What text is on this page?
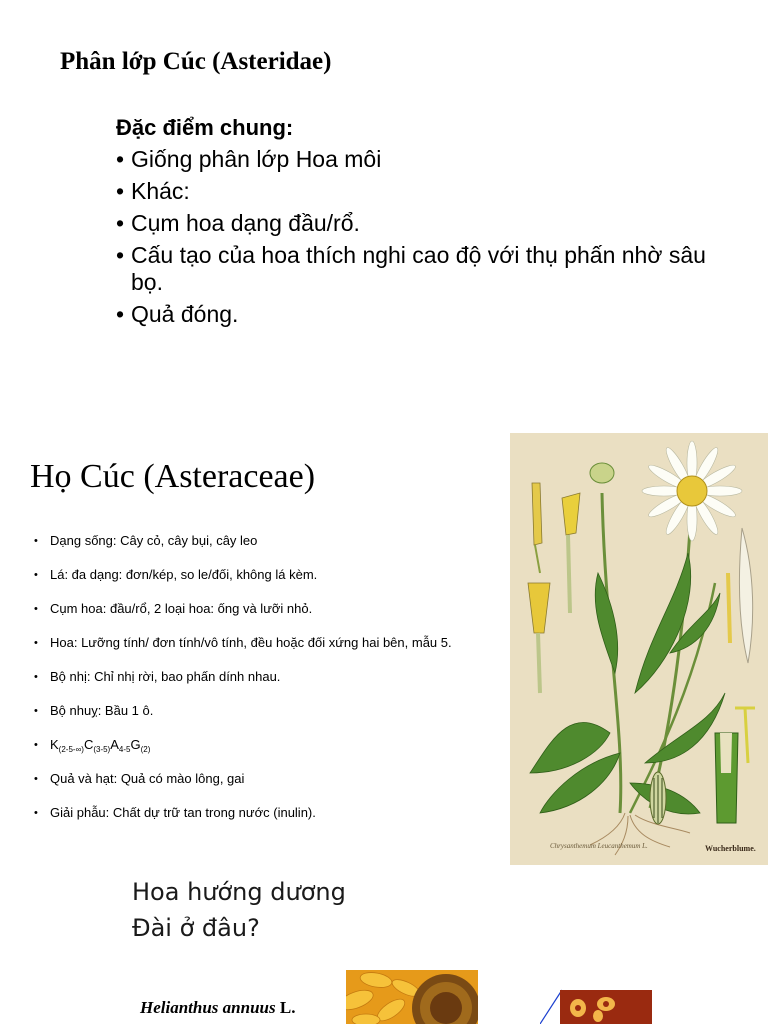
Phân lớp Cúc (Asteridae)
Đặc điểm chung:
• Giống phân lớp Hoa môi
• Khác:
• Cụm hoa dạng đầu/rổ.
• Cấu tạo của hoa thích nghi cao độ với thụ phấn nhờ sâu bọ.
• Quả đóng.
Họ Cúc (Asteraceae)
• Dạng sống: Cây cỏ, cây bụi, cây leo
• Lá: đa dạng: đơn/kép, so le/đối, không lá kèm.
• Cụm hoa: đầu/rổ, 2 loại hoa: ống và lưỡi nhỏ.
• Hoa: Lưỡng tính/ đơn tính/vô tính, đều hoặc đối xứng hai bên, mẫu 5.
• Bộ nhị: Chỉ nhị rời, bao phấn dính nhau.
• Bộ nhuỵ: Bầu 1 ô.
• $K_{(2-5-\infty)}C_{(3-5)}A_{4-5}G_{(2)}$
• Quả và hạt: Quả có mào lông, gai
• Giải phẫu: Chất dự trữ tan trong nước (inulin).
Chrysanthemum Leucanthemum L.	Wucherblume.
Hoa hướng dương
Đài ở đâu?
Helianthus annuus L.
